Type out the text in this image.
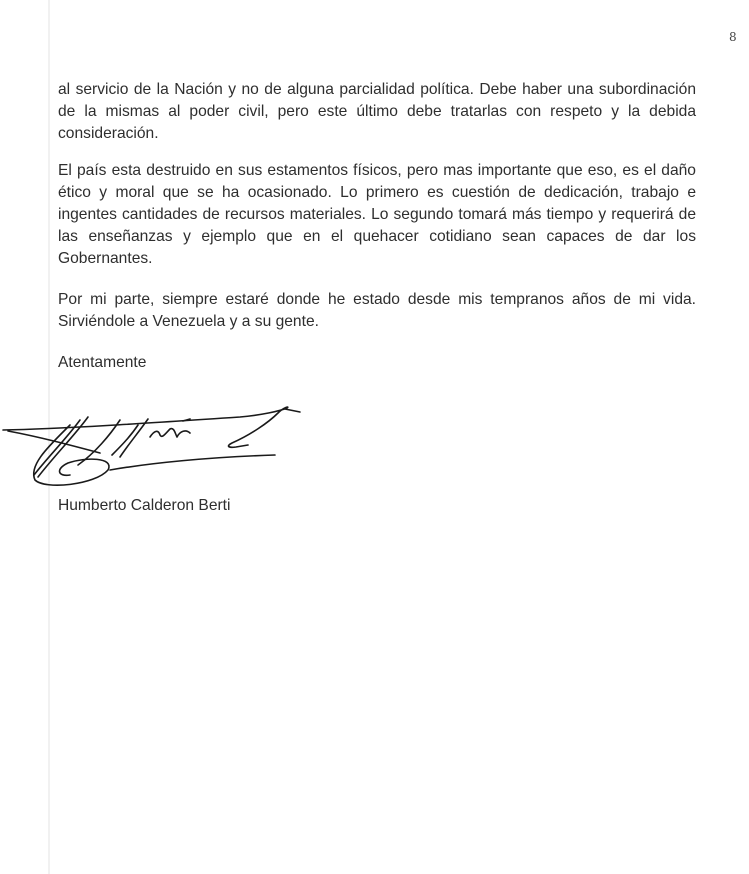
8

al servicio de la Nación y no de alguna parcialidad política. Debe haber una subordinación de la mismas al poder civil, pero este último debe tratarlas con respeto y la debida consideración.

El país esta destruido en sus estamentos físicos, pero mas importante que eso, es el daño ético y moral que se ha ocasionado. Lo primero es cuestión de dedicación, trabajo e ingentes cantidades de recursos materiales. Lo segundo tomará más tiempo y requerirá de las enseñanzas y ejemplo que en el quehacer cotidiano sean capaces de dar los Gobernantes.

Por mi parte, siempre estaré donde he estado desde mis tempranos años de mi vida. Sirviéndole a Venezuela y a su gente.

Atentamente

Humberto Calderon Berti
